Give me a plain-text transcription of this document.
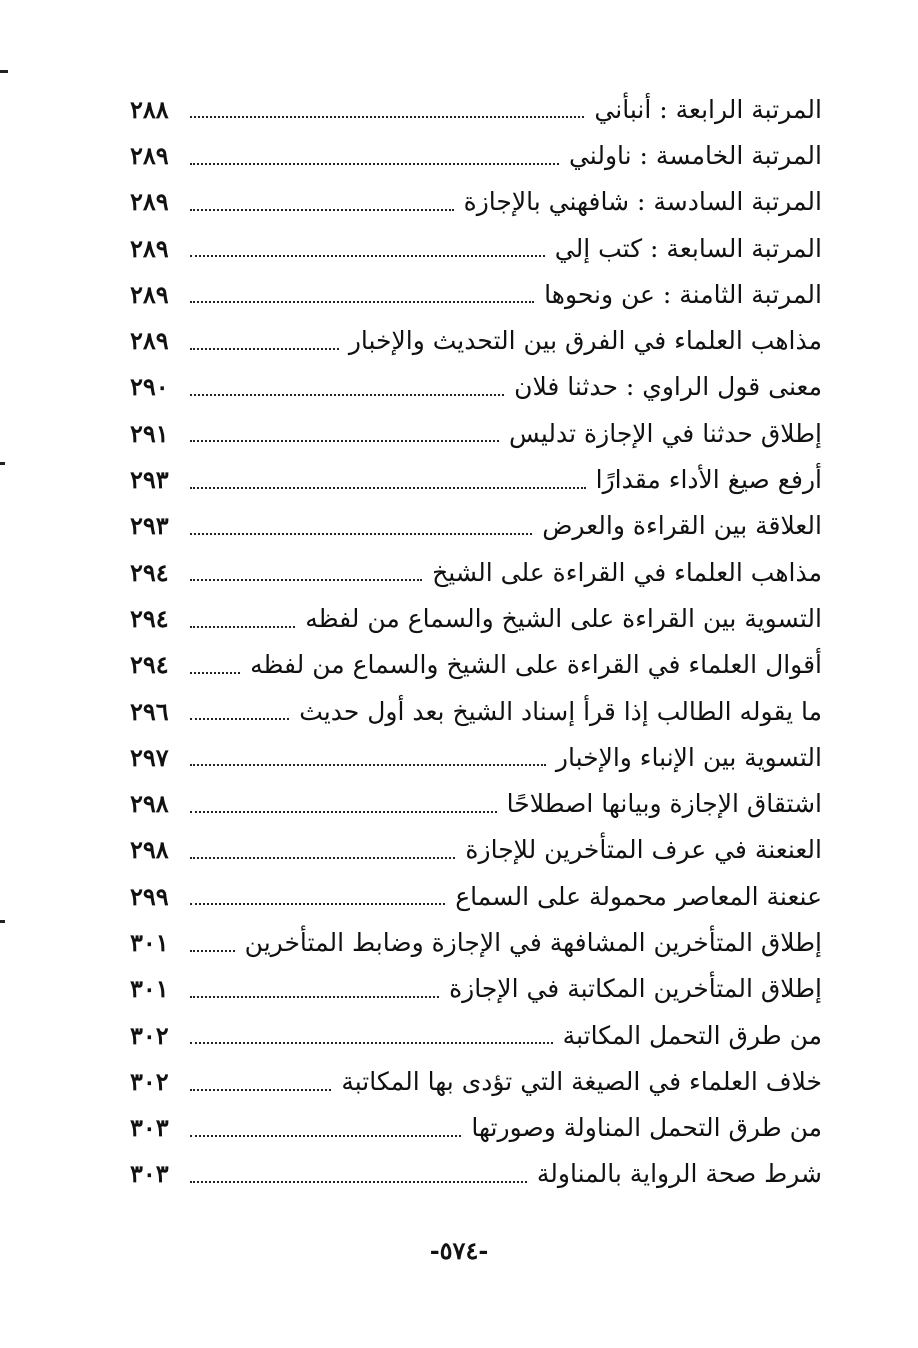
المرتبة الرابعة : أنبأني
٢٨٨
المرتبة الخامسة : ناولني
٢٨٩
المرتبة السادسة : شافهني بالإجازة
٢٨٩
المرتبة السابعة : كتب إلي
٢٨٩
المرتبة الثامنة : عن ونحوها
٢٨٩
مذاهب العلماء في الفرق بين التحديث والإخبار
٢٨٩
معنى قول الراوي : حدثنا فلان
٢٩٠
إطلاق حدثنا في الإجازة تدليس
٢٩١
أرفع صيغ الأداء مقدارًا
٢٩٣
العلاقة بين القراءة والعرض
٢٩٣
مذاهب العلماء في القراءة على الشيخ
٢٩٤
التسوية بين القراءة على الشيخ والسماع من لفظه
٢٩٤
أقوال العلماء في القراءة على الشيخ والسماع من لفظه
٢٩٤
ما يقوله الطالب إذا قرأ إسناد الشيخ بعد أول حديث
٢٩٦
التسوية بين الإنباء والإخبار
٢٩٧
اشتقاق الإجازة وبيانها اصطلاحًا
٢٩٨
العنعنة في عرف المتأخرين للإجازة
٢٩٨
عنعنة المعاصر محمولة على السماع
٢٩٩
إطلاق المتأخرين المشافهة في الإجازة وضابط المتأخرين
٣٠١
إطلاق المتأخرين المكاتبة في الإجازة
٣٠١
من طرق التحمل المكاتبة
٣٠٢
خلاف العلماء في الصيغة التي تؤدى بها المكاتبة
٣٠٢
من طرق التحمل المناولة وصورتها
٣٠٣
شرط صحة الرواية بالمناولة
٣٠٣
-٥٧٤-
